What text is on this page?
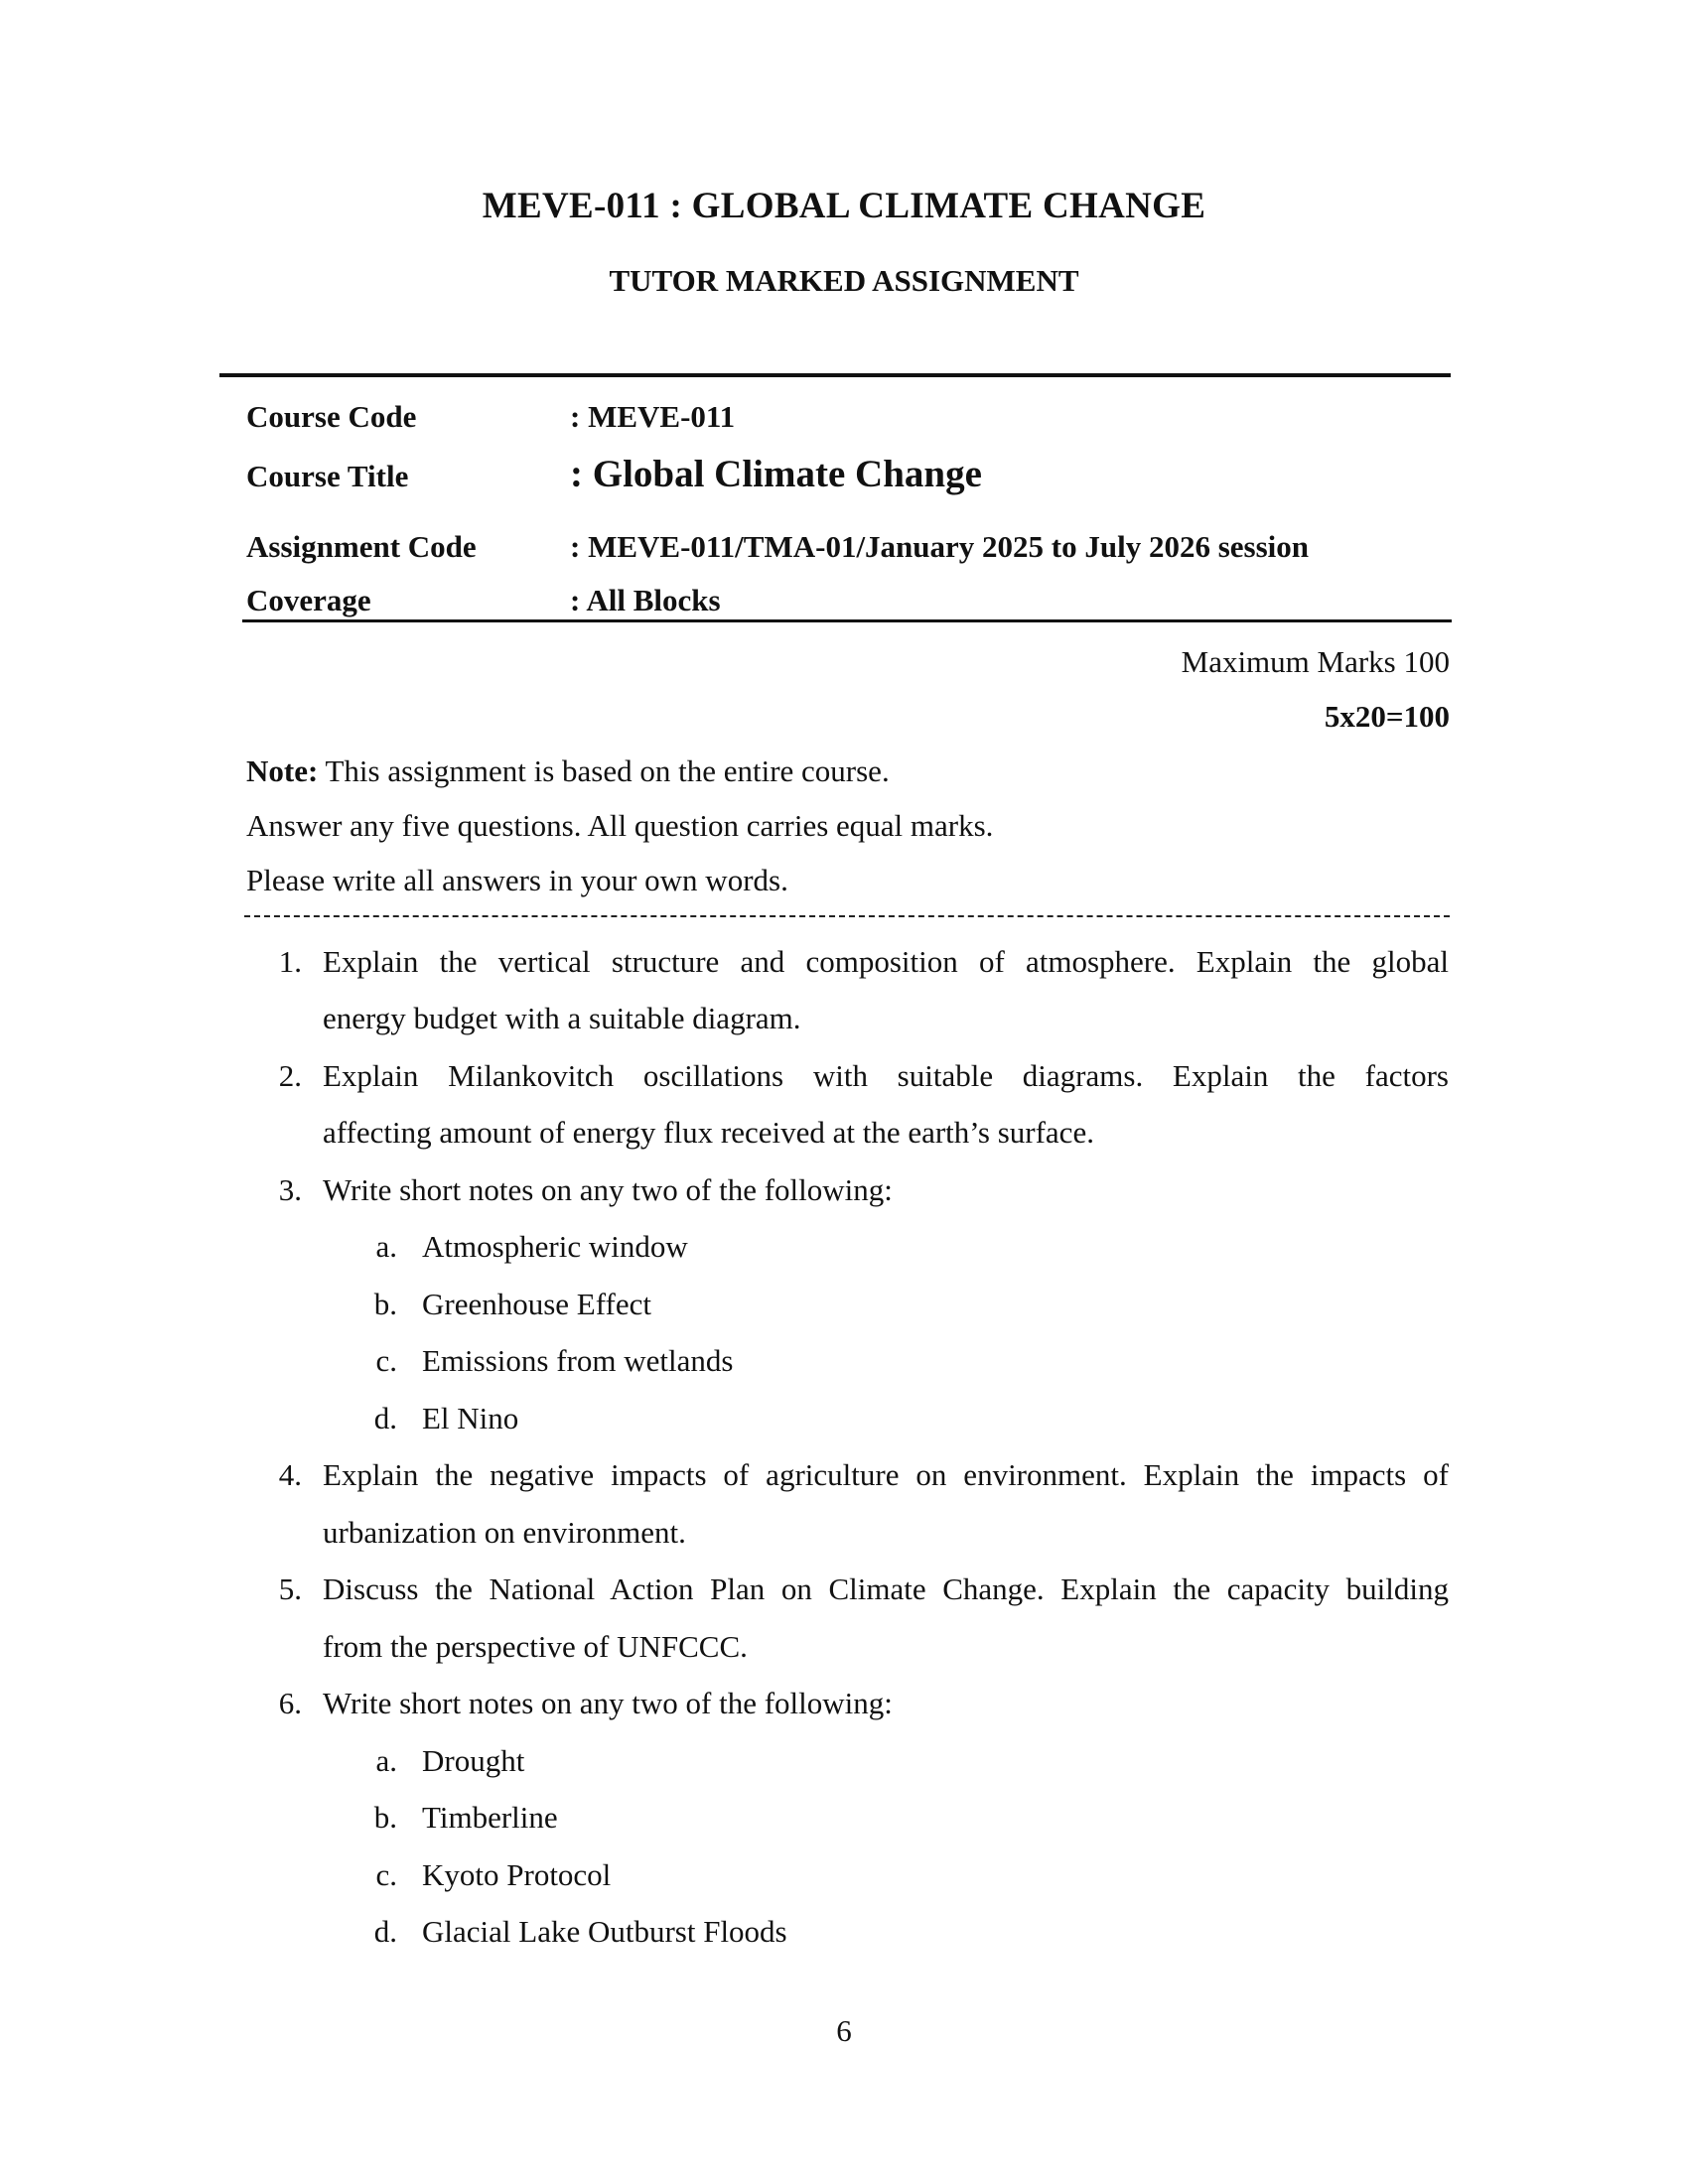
MEVE-011 : GLOBAL CLIMATE CHANGE
TUTOR MARKED ASSIGNMENT
Course Code	: MEVE-011
Course Title	: Global Climate Change
Assignment Code	: MEVE-011/TMA-01/January 2025 to July 2026 session
Coverage	: All Blocks
Maximum Marks 100
5x20=100
Note: This assignment is based on the entire course.
Answer any five questions. All question carries equal marks.
Please write all answers in your own words.
1. Explain the vertical structure and composition of atmosphere. Explain the global
energy budget with a suitable diagram.
2. Explain Milankovitch oscillations with suitable diagrams. Explain the factors
affecting amount of energy flux received at the earth’s surface.
3. Write short notes on any two of the following:
a. Atmospheric window
b. Greenhouse Effect
c. Emissions from wetlands
d. El Nino
4. Explain the negative impacts of agriculture on environment. Explain the impacts of
urbanization on environment.
5. Discuss the National Action Plan on Climate Change. Explain the capacity building
from the perspective of UNFCCC.
6. Write short notes on any two of the following:
a. Drought
b. Timberline
c. Kyoto Protocol
d. Glacial Lake Outburst Floods
6
